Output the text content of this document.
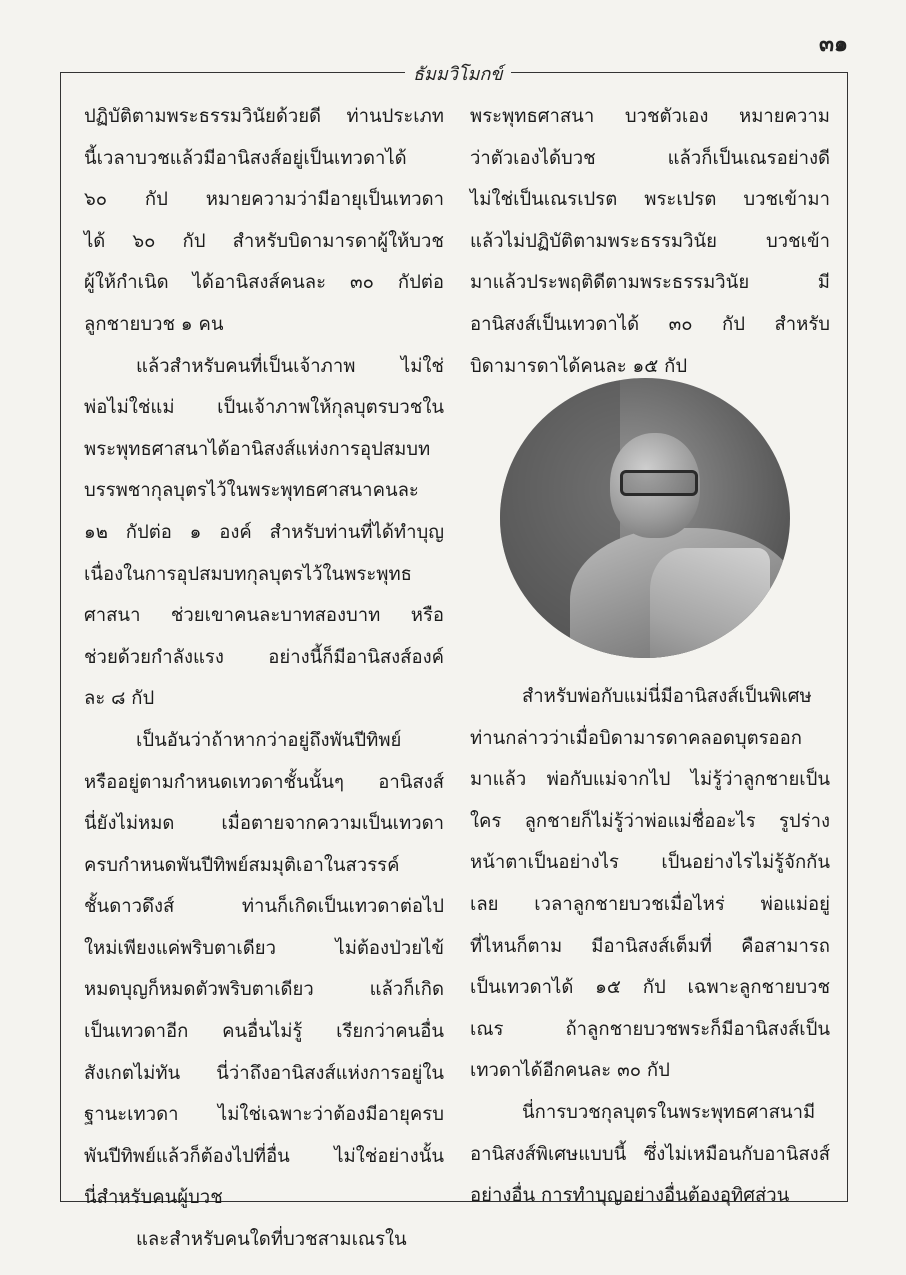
๓๑
ธัมมวิโมกข์
ปฏิบัติตามพระธรรมวินัยด้วยดี ท่านประเภท
นี้เวลาบวชแล้วมีอานิสงส์อยู่เป็นเทวดาได้
๖๐ กัป หมายความว่ามีอายุเป็นเทวดา
ได้ ๖๐ กัป สำหรับบิดามารดาผู้ให้บวช
ผู้ให้กำเนิด ได้อานิสงส์คนละ ๓๐ กัปต่อ
ลูกชายบวช ๑ คน
แล้วสำหรับคนที่เป็นเจ้าภาพ ไม่ใช่
พ่อไม่ใช่แม่ เป็นเจ้าภาพให้กุลบุตรบวชใน
พระพุทธศาสนาได้อานิสงส์แห่งการอุปสมบท
บรรพชากุลบุตรไว้ในพระพุทธศาสนาคนละ
๑๒ กัปต่อ ๑ องค์ สำหรับท่านที่ได้ทำบุญ
เนื่องในการอุปสมบทกุลบุตรไว้ในพระพุทธ
ศาสนา ช่วยเขาคนละบาทสองบาท หรือ
ช่วยด้วยกำลังแรง อย่างนี้ก็มีอานิสงส์องค์
ละ ๘ กัป
เป็นอันว่าถ้าหากว่าอยู่ถึงพันปีทิพย์
หรืออยู่ตามกำหนดเทวดาชั้นนั้นๆ อานิสงส์
นี่ยังไม่หมด เมื่อตายจากความเป็นเทวดา
ครบกำหนดพันปีทิพย์สมมุติเอาในสวรรค์
ชั้นดาวดึงส์ ท่านก็เกิดเป็นเทวดาต่อไป
ใหม่เพียงแค่พริบตาเดียว ไม่ต้องป่วยไข้
หมดบุญก็หมดตัวพริบตาเดียว แล้วก็เกิด
เป็นเทวดาอีก คนอื่นไม่รู้ เรียกว่าคนอื่น
สังเกตไม่ทัน นี่ว่าถึงอานิสงส์แห่งการอยู่ใน
ฐานะเทวดา ไม่ใช่เฉพาะว่าต้องมีอายุครบ
พันปีทิพย์แล้วก็ต้องไปที่อื่น ไม่ใช่อย่างนั้น
นี่สำหรับคนผู้บวช
และสำหรับคนใดที่บวชสามเณรใน
พระพุทธศาสนา บวชตัวเอง หมายความ
ว่าตัวเองได้บวช แล้วก็เป็นเณรอย่างดี
ไม่ใช่เป็นเณรเปรต พระเปรต บวชเข้ามา
แล้วไม่ปฏิบัติตามพระธรรมวินัย บวชเข้า
มาแล้วประพฤติดีตามพระธรรมวินัย มี
อานิสงส์เป็นเทวดาได้ ๓๐ กัป สำหรับ
บิดามารดาได้คนละ ๑๕ กัป
สำหรับพ่อกับแม่นี่มีอานิสงส์เป็นพิเศษ
ท่านกล่าวว่าเมื่อบิดามารดาคลอดบุตรออก
มาแล้ว พ่อกับแม่จากไป ไม่รู้ว่าลูกชายเป็น
ใคร ลูกชายก็ไม่รู้ว่าพ่อแม่ชื่ออะไร รูปร่าง
หน้าตาเป็นอย่างไร เป็นอย่างไรไม่รู้จักกัน
เลย เวลาลูกชายบวชเมื่อไหร่ พ่อแม่อยู่
ที่ไหนก็ตาม มีอานิสงส์เต็มที่ คือสามารถ
เป็นเทวดาได้ ๑๕ กัป เฉพาะลูกชายบวช
เณร ถ้าลูกชายบวชพระก็มีอานิสงส์เป็น
เทวดาได้อีกคนละ ๓๐ กัป
นี่การบวชกุลบุตรในพระพุทธศาสนามี
อานิสงส์พิเศษแบบนี้ ซึ่งไม่เหมือนกับอานิสงส์
อย่างอื่น การทำบุญอย่างอื่นต้องอุทิศส่วน
